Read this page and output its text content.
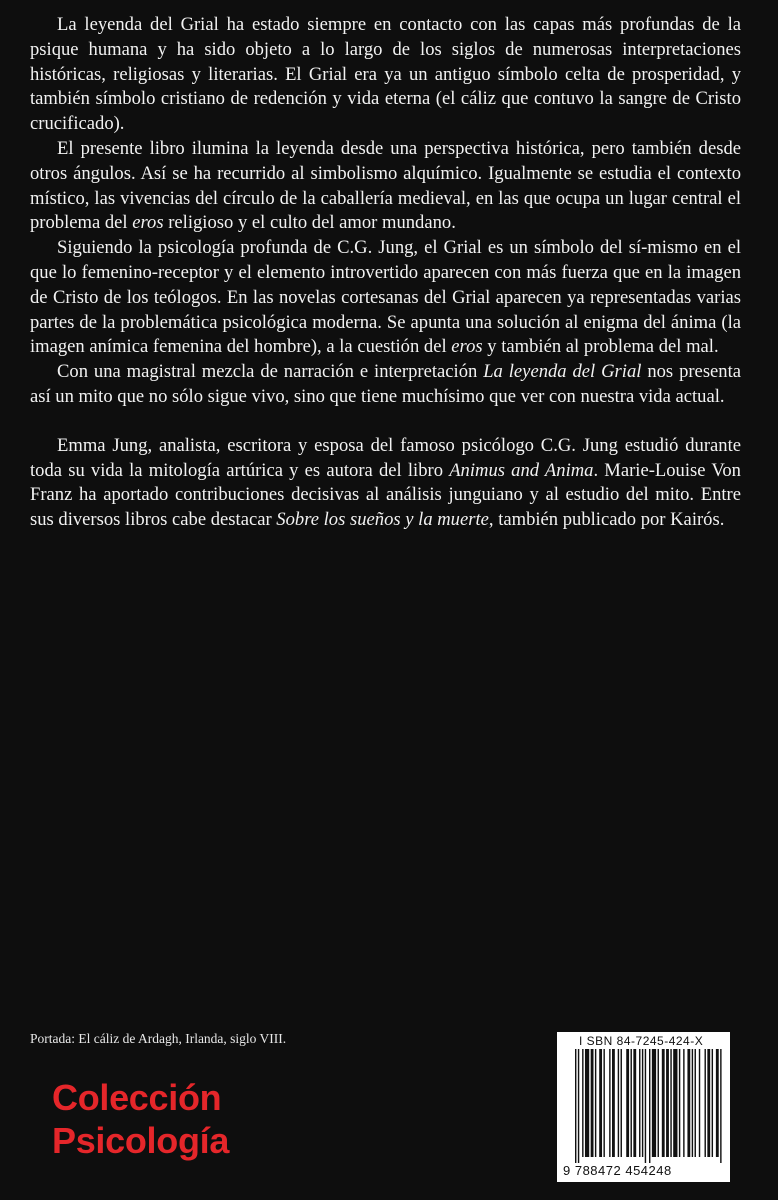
La leyenda del Grial ha estado siempre en contacto con las capas más profundas de la psique humana y ha sido objeto a lo largo de los siglos de numerosas interpretaciones históricas, religiosas y literarias. El Grial era ya un antiguo símbolo celta de prosperidad, y también símbolo cristiano de redención y vida eterna (el cáliz que contuvo la sangre de Cristo crucificado).

El presente libro ilumina la leyenda desde una perspectiva histórica, pero también desde otros ángulos. Así se ha recurrido al simbolismo alquímico. Igualmente se estudia el contexto místico, las vivencias del círculo de la caballería medieval, en las que ocupa un lugar central el problema del eros religioso y el culto del amor mundano.

Siguiendo la psicología profunda de C.G. Jung, el Grial es un símbolo del sí-mismo en el que lo femenino-receptor y el elemento introvertido aparecen con más fuerza que en la imagen de Cristo de los teólogos. En las novelas cortesanas del Grial aparecen ya representadas varias partes de la problemática psicológica moderna. Se apunta una solución al enigma del ánima (la imagen anímica femenina del hombre), a la cuestión del eros y también al problema del mal.

Con una magistral mezcla de narración e interpretación La leyenda del Grial nos presenta así un mito que no sólo sigue vivo, sino que tiene muchísimo que ver con nuestra vida actual.

Emma Jung, analista, escritora y esposa del famoso psicólogo C.G. Jung estudió durante toda su vida la mitología artúrica y es autora del libro Animus and Anima. Marie-Louise Von Franz ha aportado contribuciones decisivas al análisis junguiano y al estudio del mito. Entre sus diversos libros cabe destacar Sobre los sueños y la muerte, también publicado por Kairós.

Portada: El cáliz de Ardagh, Irlanda, siglo VIII.
Colección
Psicología
I SBN 84-7245-424-X
9 788472 454248
